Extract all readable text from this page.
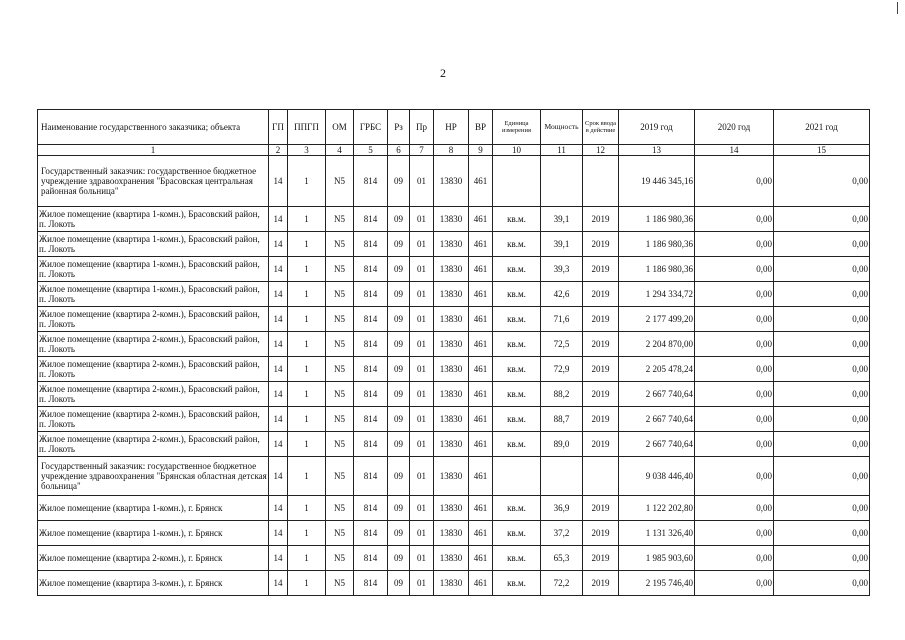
2
Наименование государственного заказчика; объекта	ГП	ППГП	ОМ	ГРБС	Рз	Пр	НР	ВР	Единица измерения	Мощность	Срок ввода в действие	2019 год	2020 год	2021 год
1	2	3	4	5	6	7	8	9	10	11	12	13	14	15
Государственный заказчик: государственное бюджетное учреждение здравоохранения "Брасовская центральная районная больница"	14	1	N5	814	09	01	13830	461				19 446 345,16	0,00	0,00
Жилое помещение (квартира 1-комн.), Брасовский район, п. Локоть	14	1	N5	814	09	01	13830	461	кв.м.	39,1	2019	1 186 980,36	0,00	0,00
Жилое помещение (квартира 1-комн.), Брасовский район, п. Локоть	14	1	N5	814	09	01	13830	461	кв.м.	39,1	2019	1 186 980,36	0,00	0,00
Жилое помещение (квартира 1-комн.), Брасовский район, п. Локоть	14	1	N5	814	09	01	13830	461	кв.м.	39,3	2019	1 186 980,36	0,00	0,00
Жилое помещение (квартира 1-комн.), Брасовский район, п. Локоть	14	1	N5	814	09	01	13830	461	кв.м.	42,6	2019	1 294 334,72	0,00	0,00
Жилое помещение (квартира 2-комн.), Брасовский район, п. Локоть	14	1	N5	814	09	01	13830	461	кв.м.	71,6	2019	2 177 499,20	0,00	0,00
Жилое помещение (квартира 2-комн.), Брасовский район, п. Локоть	14	1	N5	814	09	01	13830	461	кв.м.	72,5	2019	2 204 870,00	0,00	0,00
Жилое помещение (квартира 2-комн.), Брасовский район, п. Локоть	14	1	N5	814	09	01	13830	461	кв.м.	72,9	2019	2 205 478,24	0,00	0,00
Жилое помещение (квартира 2-комн.), Брасовский район, п. Локоть	14	1	N5	814	09	01	13830	461	кв.м.	88,2	2019	2 667 740,64	0,00	0,00
Жилое помещение (квартира 2-комн.), Брасовский район, п. Локоть	14	1	N5	814	09	01	13830	461	кв.м.	88,7	2019	2 667 740,64	0,00	0,00
Жилое помещение (квартира 2-комн.), Брасовский район, п. Локоть	14	1	N5	814	09	01	13830	461	кв.м.	89,0	2019	2 667 740,64	0,00	0,00
Государственный заказчик: государственное бюджетное учреждение здравоохранения "Брянская областная детская больница"	14	1	N5	814	09	01	13830	461				9 038 446,40	0,00	0,00
Жилое помещение (квартира 1-комн.), г. Брянск	14	1	N5	814	09	01	13830	461	кв.м.	36,9	2019	1 122 202,80	0,00	0,00
Жилое помещение (квартира 1-комн.), г. Брянск	14	1	N5	814	09	01	13830	461	кв.м.	37,2	2019	1 131 326,40	0,00	0,00
Жилое помещение (квартира 2-комн.), г. Брянск	14	1	N5	814	09	01	13830	461	кв.м.	65,3	2019	1 985 903,60	0,00	0,00
Жилое помещение (квартира 3-комн.), г. Брянск	14	1	N5	814	09	01	13830	461	кв.м.	72,2	2019	2 195 746,40	0,00	0,00
